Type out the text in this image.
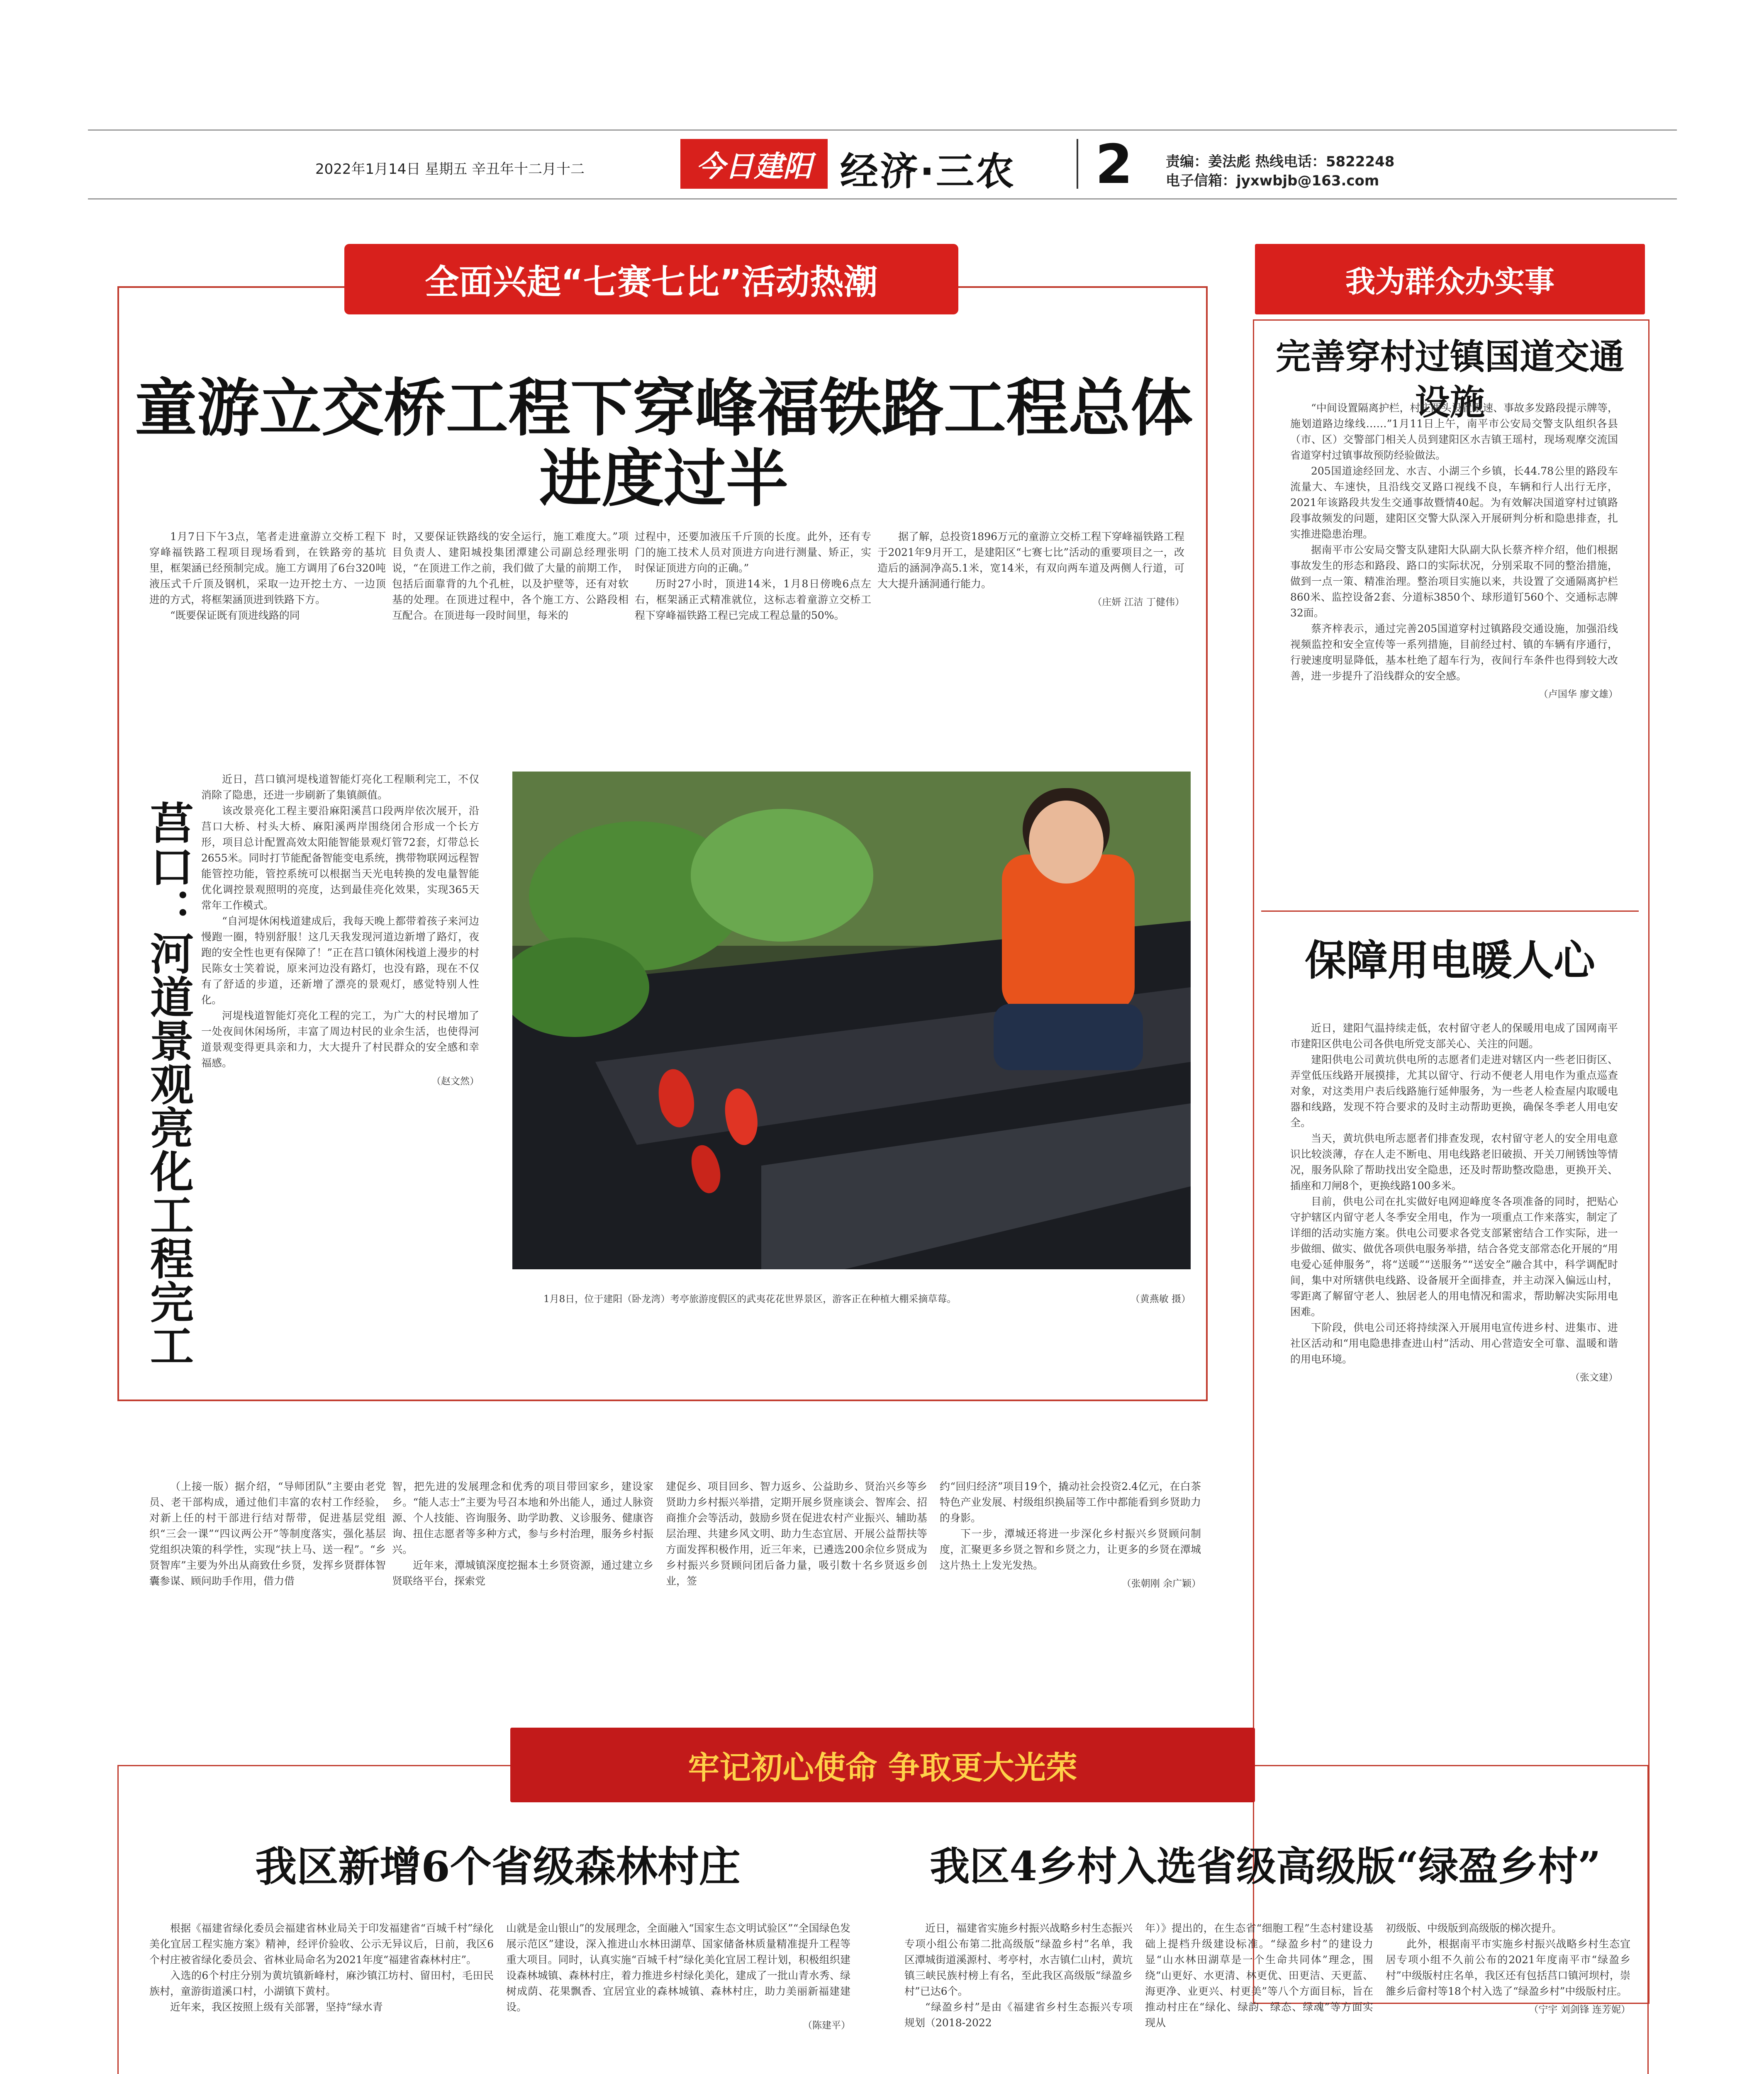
2022年1月14日 星期五 辛丑年十二月十二	今日建阳 经济·三农 2 责编：姜法彪 热线电话：5822248
电子信箱：jyxwbjb@163.com
全面兴起“七赛七比”活动热潮
童游立交桥工程下穿峰福铁路工程总体进度过半

1月7日下午3点，笔者走进童游立交桥工程下穿峰福铁路工程项目现场看到，在铁路旁的基坑里，框架涵已经预制完成。施工方调用了6台320吨液压式千斤顶及钢机，采取一边开挖土方、一边顶进的方式，将框架涵顶进到铁路下方。

“既要保证既有顶进线路的同

时，又要保证铁路线的安全运行，施工难度大。”项目负责人、建阳城投集团潭建公司副总经理张明说，“在顶进工作之前，我们做了大量的前期工作，包括后面靠背的九个孔桩，以及护壁等，还有对软基的处理。在顶进过程中，各个施工方、公路段相互配合。在顶进每一段时间里，每米的

过程中，还要加液压千斤顶的长度。此外，还有专门的施工技术人员对顶进方向进行测量、矫正，实时保证顶进方向的正确。”

历时27小时，顶进14米，1月8日傍晚6点左右，框架涵正式精准就位，这标志着童游立交桥工程下穿峰福铁路工程已完成工程总量的50%。

据了解，总投资1896万元的童游立交桥工程下穿峰福铁路工程于2021年9月开工，是建阳区“七赛七比”活动的重要项目之一，改造后的涵洞净高5.1米，宽14米，有双向两车道及两侧人行道，可大大提升涵洞通行能力。

（庄妍 江洁 丁健伟）
莒口：河道景观亮化工程完工

近日，莒口镇河堤栈道智能灯亮化工程顺利完工，不仅消除了隐患，还进一步刷新了集镇颜值。

该改景亮化工程主要沿麻阳溪莒口段两岸依次展开，沿莒口大桥、村头大桥、麻阳溪两岸围绕闭合形成一个长方形，项目总计配置高效太阳能智能景观灯管72套，灯带总长2655米。同时打节能配备智能变电系统，携带物联网远程智能管控功能，管控系统可以根据当天光电转换的发电量智能优化调控景观照明的亮度，达到最佳亮化效果，实现365天常年工作模式。

“自河堤休闲栈道建成后，我每天晚上都带着孩子来河边慢跑一圈，特别舒服！这几天我发现河道边新增了路灯，夜跑的安全性也更有保障了！”正在莒口镇休闲栈道上漫步的村民陈女士笑着说，原来河边没有路灯，也没有路，现在不仅有了舒适的步道，还新增了漂亮的景观灯，感觉特别人性化。

河堤栈道智能灯亮化工程的完工，为广大的村民增加了一处夜间休闲场所，丰富了周边村民的业余生活，也使得河道景观变得更具亲和力，大大提升了村民群众的安全感和幸福感。

（赵文然）
1月8日，位于建阳（卧龙湾）考亭旅游度假区的武夷花花世界景区，游客正在种植大棚采摘草莓。	（黄燕敏 摄）
我为群众办实事
完善穿村过镇国道交通设施

“中间设置隔离护栏，村庄两头设置限速、事故多发路段提示牌等，施划道路边缘线……”1月11日上午，南平市公安局交警支队组织各县（市、区）交警部门相关人员到建阳区水吉镇王瑶村，现场观摩交流国省道穿村过镇事故预防经验做法。

205国道途经回龙、水吉、小湖三个乡镇，长44.78公里的路段车流量大、车速快，且沿线交叉路口视线不良，车辆和行人出行无序，2021年该路段共发生交通事故暨情40起。为有效解决国道穿村过镇路段事故频发的问题，建阳区交警大队深入开展研判分析和隐患排查，扎实推进隐患治理。

据南平市公安局交警支队建阳大队副大队长蔡齐梓介绍，他们根据事故发生的形态和路段、路口的实际状况，分别采取不同的整治措施，做到一点一策、精准治理。整治项目实施以来，共设置了交通隔离护栏860米、监控设备2套、分道标3850个、球形道钉560个、交通标志牌32面。

蔡齐梓表示，通过完善205国道穿村过镇路段交通设施，加强沿线视频监控和安全宣传等一系列措施，目前经过村、镇的车辆有序通行，行驶速度明显降低，基本杜绝了超车行为，夜间行车条件也得到较大改善，进一步提升了沿线群众的安全感。

（卢国华 廖文雄）
保障用电暖人心

近日，建阳气温持续走低，农村留守老人的保暖用电成了国网南平市建阳区供电公司各供电所党支部关心、关注的问题。

建阳供电公司黄坑供电所的志愿者们走进对辖区内一些老旧街区、弄堂低压线路开展摸排，尤其以留守、行动不便老人用电作为重点巡查对象，对这类用户表后线路施行延伸服务，为一些老人检查屋内取暖电器和线路，发现不符合要求的及时主动帮助更换，确保冬季老人用电安全。

当天，黄坑供电所志愿者们排查发现，农村留守老人的安全用电意识比较淡薄，存在人走不断电、用电线路老旧破损、开关刀闸锈蚀等情况，服务队除了帮助找出安全隐患，还及时帮助整改隐患，更换开关、插座和刀闸8个，更换线路100多米。

目前，供电公司在扎实做好电网迎峰度冬各项准备的同时，把贴心守护辖区内留守老人冬季安全用电，作为一项重点工作来落实，制定了详细的活动实施方案。供电公司要求各党支部紧密结合工作实际，进一步做细、做实、做优各项供电服务举措，结合各党支部常态化开展的“用电爱心延伸服务”，将“送暖”“送服务”“送安全”融合其中，科学调配时间，集中对所辖供电线路、设备展开全面排查，并主动深入偏远山村，零距离了解留守老人、独居老人的用电情况和需求，帮助解决实际用电困难。

下阶段，供电公司还将持续深入开展用电宣传进乡村、进集市、进社区活动和“用电隐患排查进山村”活动、用心营造安全可靠、温暖和谐的用电环境。

（张文建）

（上接一版）据介绍，“导师团队”主要由老党员、老干部构成，通过他们丰富的农村工作经验，对新上任的村干部进行结对帮带，促进基层党组织“三会一课”“四议两公开”等制度落实，强化基层党组织决策的科学性，实现“扶上马、送一程”。“乡贤智库”主要为外出从商致仕乡贤，发挥乡贤群体智囊参谋、顾问助手作用，借力借

智，把先进的发展理念和优秀的项目带回家乡，建设家乡。“能人志士”主要为号召本地和外出能人，通过人脉资源、个人技能、咨询服务、助学助教、义诊服务、健康咨询、扭住志愿者等多种方式，参与乡村治理，服务乡村振兴。

近年来，潭城镇深度挖掘本土乡贤资源，通过建立乡贤联络平台，探索党

建促乡、项目回乡、智力返乡、公益助乡、贤治兴乡等乡贤助力乡村振兴举措，定期开展乡贤座谈会、智库会、招商推介会等活动，鼓励乡贤在促进农村产业振兴、辅助基层治理、共建乡风文明、助力生态宜居、开展公益帮扶等方面发挥积极作用，近三年来，已遴选200余位乡贤成为乡村振兴乡贤顾问团后备力量，吸引数十名乡贤返乡创业，签

约“回归经济”项目19个，撬动社会投资2.4亿元，在白茶特色产业发展、村级组织换届等工作中都能看到乡贤助力的身影。

下一步，潭城还将进一步深化乡村振兴乡贤顾问制度，汇聚更多乡贤之智和乡贤之力，让更多的乡贤在潭城这片热土上发光发热。

（张朝刚 余广颖）
牢记初心使命 争取更大光荣
我区新增6个省级森林村庄

根据《福建省绿化委员会福建省林业局关于印发福建省“百城千村”绿化美化宜居工程实施方案》精神，经评价验收、公示无异议后，日前，我区6个村庄被省绿化委员会、省林业局命名为2021年度“福建省森林村庄”。

入选的6个村庄分别为黄坑镇新峰村，麻沙镇江坊村、留田村，毛田民族村，童游街道溪口村，小湖镇下黄村。

近年来，我区按照上级有关部署，坚持“绿水青

山就是金山银山”的发展理念，全面融入“国家生态文明试验区”“全国绿色发展示范区”建设，深入推进山水林田湖草、国家储备林质量精准提升工程等重大项目。同时，认真实施“百城千村”绿化美化宜居工程计划，积极组织建设森林城镇、森林村庄，着力推进乡村绿化美化，建成了一批山青水秀、绿树成荫、花果飘香、宜居宜业的森林城镇、森林村庄，助力美丽新福建建设。

（陈建平）
我区4乡村入选省级高级版“绿盈乡村”

近日，福建省实施乡村振兴战略乡村生态振兴专项小组公布第二批高级版“绿盈乡村”名单，我区潭城街道溪源村、考亭村，水吉镇仁山村，黄坑镇三峡民族村榜上有名，至此我区高级版“绿盈乡村”已达6个。

“绿盈乡村”是由《福建省乡村生态振兴专项规划（2018-2022

年）》提出的，在生态省“细胞工程”生态村建设基础上提档升级建设标准。“绿盈乡村”的建设力显“山水林田湖草是一个生命共同体”理念，围绕“山更好、水更清、林更优、田更洁、天更蓝、海更净、业更兴、村更美”等八个方面目标，旨在推动村庄在“绿化、绿韵、绿态、绿魂”等方面实现从

初级版、中级版到高级版的梯次提升。

此外，根据南平市实施乡村振兴战略乡村生态宜居专项小组不久前公布的2021年度南平市“绿盈乡村”中级版村庄名单，我区还有包括莒口镇河坝村，崇雒乡后畲村等18个村入选了“绿盈乡村”中级版村庄。

（宁宇 刘剑锋 连芳妮）
